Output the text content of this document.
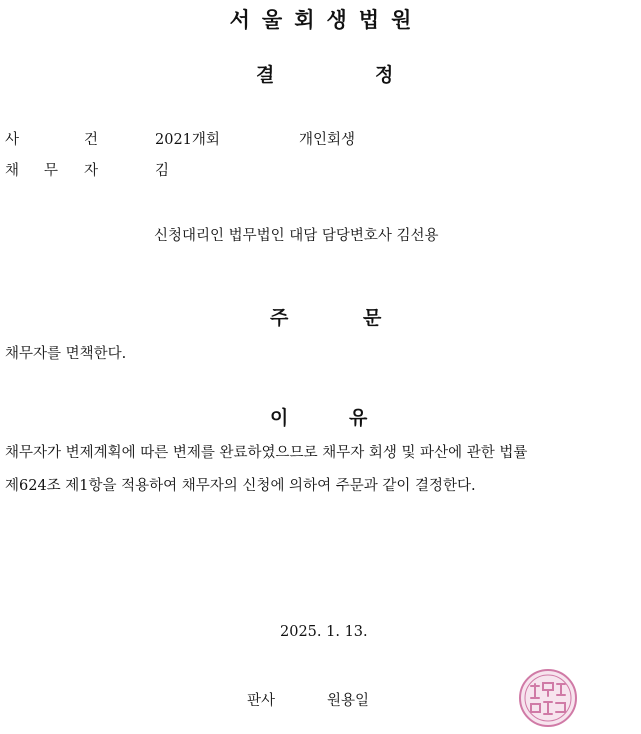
서울회생법원
결	정
사	건	2021개회	개인회생
채 무 자	김
신청대리인 법무법인 대담 담당변호사 김선용
주	문
채무자를 면책한다.
이	유
채무자가 변제계획에 따른 변제를 완료하였으므로 채무자 회생 및 파산에 관한 법률
제624조 제1항을 적용하여 채무자의 신청에 의하여 주문과 같이 결정한다.
2025. 1. 13.
판사	원용일
